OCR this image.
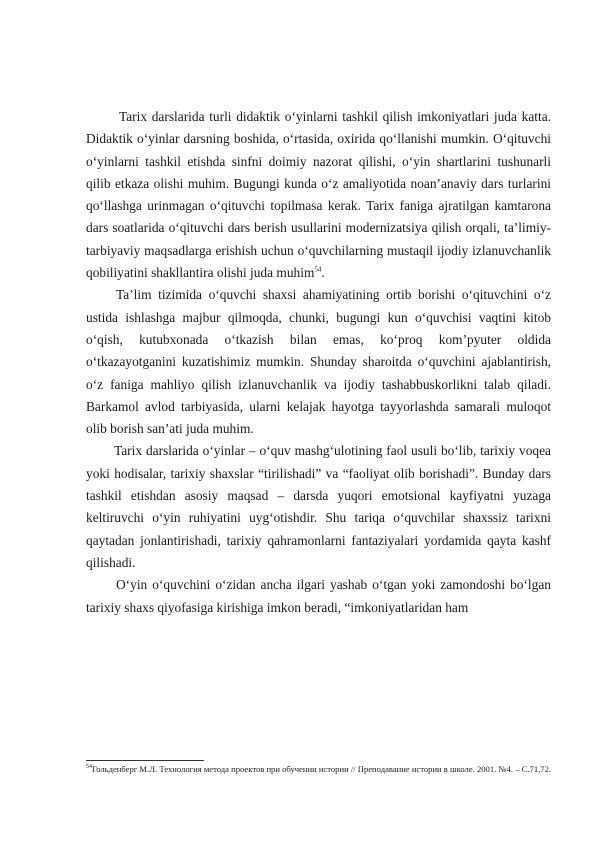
Tarix darslarida turli didaktik o‘yinlarni tashkil qilish imkoniyatlari juda katta. Didaktik o‘yinlar darsning boshida, o‘rtasida, oxirida qo‘llanishi mumkin. O‘qituvchi o‘yinlarni tashkil etishda sinfni doimiy nazorat qilishi, o‘yin shartlarini tushunarli qilib etkaza olishi muhim. Bugungi kunda o‘z amaliyotida noan’anaviy dars turlarini qo‘llashga urinmagan o‘qituvchi topilmasa kerak. Tarix faniga ajratilgan kamtarona dars soatlarida o‘qituvchi dars berish usullarini modernizatsiya qilish orqali, ta’limiy-tarbiyaviy maqsadlarga erishish uchun o‘quvchilarning mustaqil ijodiy izlanuvchanlik qobiliyatini shakllantira olishi juda muhim$^{54}$.

Ta’lim tizimida o‘quvchi shaxsi ahamiyatining ortib borishi o‘qituvchini o‘z ustida ishlashga majbur qilmoqda, chunki, bugungi kun o‘quvchisi vaqtini kitob o‘qish, kutubxonada o‘tkazish bilan emas, ko‘proq kom’pyuter oldida o‘tkazayotganini kuzatishimiz mumkin. Shunday sharoitda o‘quvchini ajablantirish, o‘z faniga mahliyo qilish izlanuvchanlik va ijodiy tashabbuskorlikni talab qiladi. Barkamol avlod tarbiyasida, ularni kelajak hayotga tayyorlashda samarali muloqot olib borish san’ati juda muhim.

Tarix darslarida o‘yinlar – o‘quv mashg‘ulotining faol usuli bo‘lib, tarixiy voqea yoki hodisalar, tarixiy shaxslar “tirilishadi” va “faoliyat olib borishadi”. Bunday dars tashkil etishdan asosiy maqsad – darsda yuqori emotsional kayfiyatni yuzaga keltiruvchi o‘yin ruhiyatini uyg‘otishdir. Shu tariqa o‘quvchilar shaxssiz tarixni qaytadan jonlantirishadi, tarixiy qahramonlarni fantaziyalari yordamida qayta kashf qilishadi.

O‘yin o‘quvchini o‘zidan ancha ilgari yashab o‘tgan yoki zamondoshi bo‘lgan tarixiy shaxs qiyofasiga kirishiga imkon beradi, “imkoniyatlaridan ham

$^{54}$Гольденберг М.Л. Технология метода проектов при обучении истории // Преподавание истории в школе. 2001. №4. – С.71,72.
